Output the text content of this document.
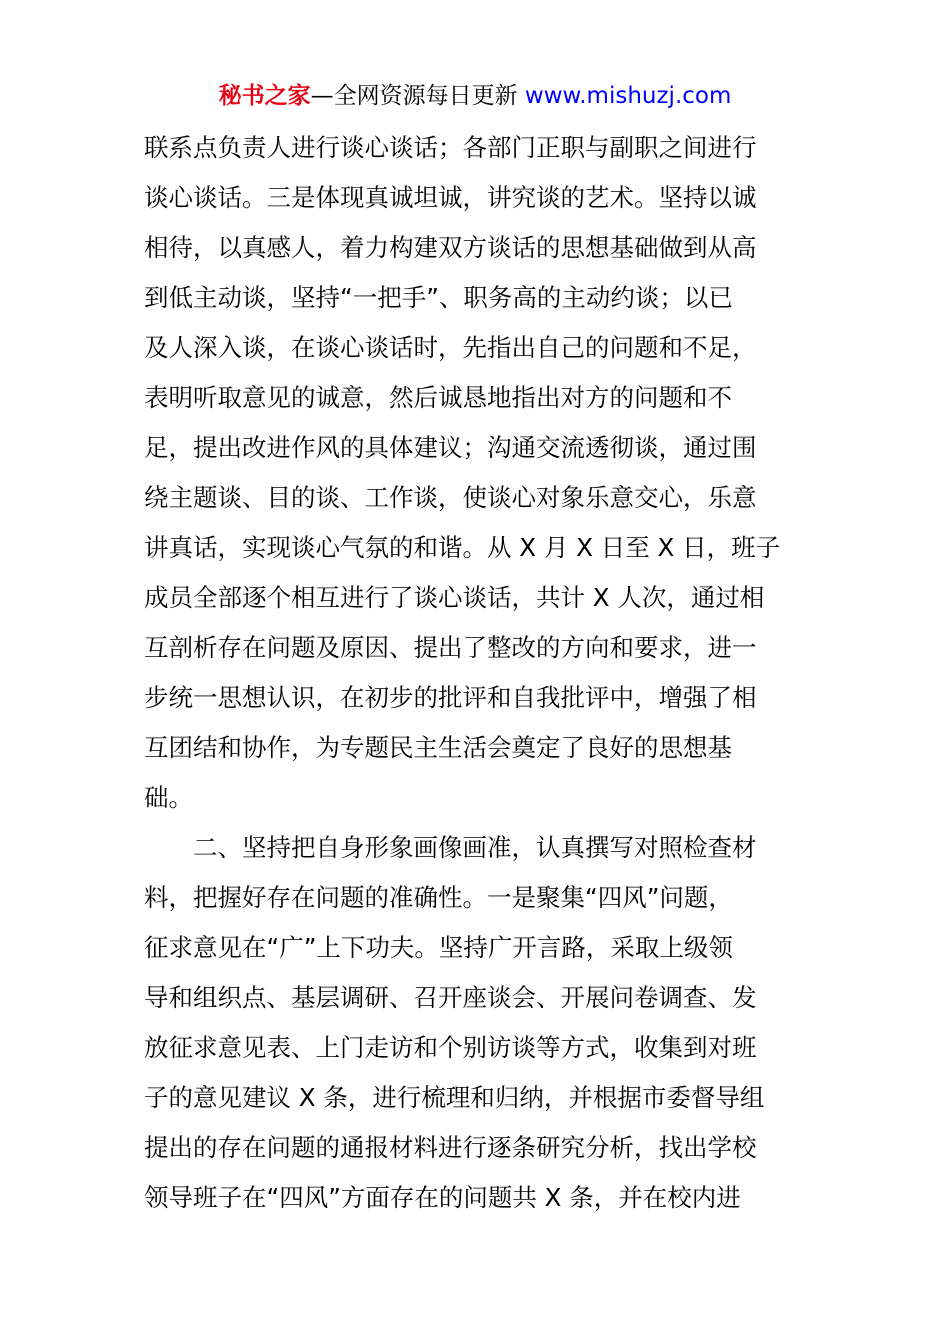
秘书之家—全网资源每日更新 www.mishuzj.com
联系点负责人进行谈心谈话；各部门正职与副职之间进行
谈心谈话。三是体现真诚坦诚，讲究谈的艺术。坚持以诚
相待，以真感人，着力构建双方谈话的思想基础做到从高
到低主动谈，坚持“一把手”、职务高的主动约谈；以已
及人深入谈，在谈心谈话时，先指出自己的问题和不足，
表明听取意见的诚意，然后诚恳地指出对方的问题和不
足，提出改进作风的具体建议；沟通交流透彻谈，通过围
绕主题谈、目的谈、工作谈，使谈心对象乐意交心，乐意
讲真话，实现谈心气氛的和谐。从 X 月 X 日至 X 日，班子
成员全部逐个相互进行了谈心谈话，共计 X 人次，通过相
互剖析存在问题及原因、提出了整改的方向和要求，进一
步统一思想认识，在初步的批评和自我批评中，增强了相
互团结和协作，为专题民主生活会奠定了良好的思想基
础。
二、坚持把自身形象画像画准，认真撰写对照检查材
料，把握好存在问题的准确性。一是聚集“四风”问题，
征求意见在“广”上下功夫。坚持广开言路，采取上级领
导和组织点、基层调研、召开座谈会、开展问卷调查、发
放征求意见表、上门走访和个别访谈等方式，收集到对班
子的意见建议 X 条，进行梳理和归纳，并根据市委督导组
提出的存在问题的通报材料进行逐条研究分析，找出学校
领导班子在“四风”方面存在的问题共 X 条，并在校内进
